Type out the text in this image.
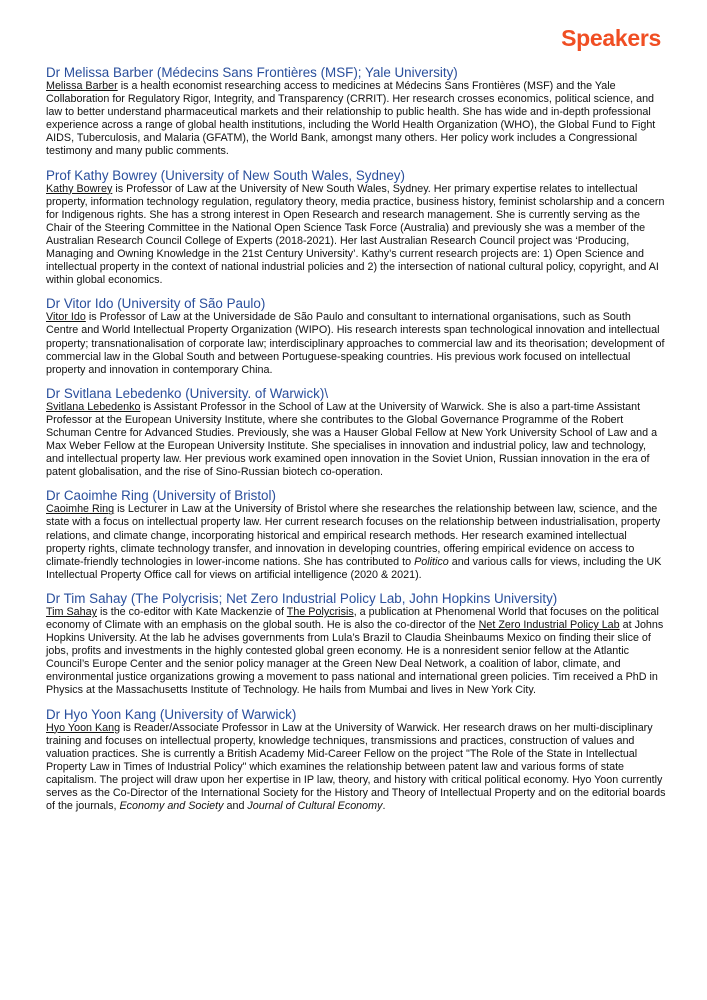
Speakers
Dr Melissa Barber (Médecins Sans Frontières (MSF); Yale University)

Melissa Barber is a health economist researching access to medicines at Médecins Sans Frontières (MSF) and the Yale Collaboration for Regulatory Rigor, Integrity, and Transparency (CRRIT). Her research crosses economics, political science, and law to better understand pharmaceutical markets and their relationship to public health. She has wide and in-depth professional experience across a range of global health institutions, including the World Health Organization (WHO), the Global Fund to Fight AIDS, Tuberculosis, and Malaria (GFATM), the World Bank, amongst many others. Her policy work includes a Congressional testimony and many public comments.

Prof Kathy Bowrey (University of New South Wales, Sydney)

Kathy Bowrey is Professor of Law at the University of New South Wales, Sydney. Her primary expertise relates to intellectual property, information technology regulation, regulatory theory, media practice, business history, feminist scholarship and a concern for Indigenous rights. She has a strong interest in Open Research and research management. She is currently serving as the Chair of the Steering Committee in the National Open Science Task Force (Australia) and previously she was a member of the Australian Research Council College of Experts (2018-2021). Her last Australian Research Council project was ‘Producing, Managing and Owning Knowledge in the 21st Century University’. Kathy’s current research projects are: 1) Open Science and intellectual property in the context of national industrial policies and 2) the intersection of national cultural policy, copyright, and AI within global economics.

Dr Vitor Ido (University of São Paulo)

Vitor Ido is Professor of Law at the Universidade de São Paulo and consultant to international organisations, such as South Centre and World Intellectual Property Organization (WIPO). His research interests span technological innovation and intellectual property; transnationalisation of corporate law; interdisciplinary approaches to commercial law and its theorisation; development of commercial law in the Global South and between Portuguese-speaking countries. His previous work focused on intellectual property and innovation in contemporary China.

Dr Svitlana Lebedenko (University. of Warwick)\

Svitlana Lebedenko is Assistant Professor in the School of Law at the University of Warwick. She is also a part-time Assistant Professor at the European University Institute, where she contributes to the Global Governance Programme of the Robert Schuman Centre for Advanced Studies. Previously, she was a Hauser Global Fellow at New York University School of Law and a Max Weber Fellow at the European University Institute. She specialises in innovation and industrial policy, law and technology, and intellectual property law. Her previous work examined open innovation in the Soviet Union, Russian innovation in the era of patent globalisation, and the rise of Sino-Russian biotech co-operation.

Dr Caoimhe Ring (University of Bristol)

Caoimhe Ring is Lecturer in Law at the University of Bristol where she researches the relationship between law, science, and the state with a focus on intellectual property law. Her current research focuses on the relationship between industrialisation, property relations, and climate change, incorporating historical and empirical research methods. Her research examined intellectual property rights, climate technology transfer, and innovation in developing countries, offering empirical evidence on access to climate-friendly technologies in lower-income nations. She has contributed to Politico and various calls for views, including the UK Intellectual Property Office call for views on artificial intelligence (2020 & 2021).

Dr Tim Sahay (The Polycrisis; Net Zero Industrial Policy Lab, John Hopkins University)

Tim Sahay is the co-editor with Kate Mackenzie of The Polycrisis, a publication at Phenomenal World that focuses on the political economy of Climate with an emphasis on the global south. He is also the co-director of the Net Zero Industrial Policy Lab at Johns Hopkins University. At the lab he advises governments from Lula’s Brazil to Claudia Sheinbaums Mexico on finding their slice of jobs, profits and investments in the highly contested global green economy. He is a nonresident senior fellow at the Atlantic Council’s Europe Center and the senior policy manager at the Green New Deal Network, a coalition of labor, climate, and environmental justice organizations growing a movement to pass national and international green policies. Tim received a PhD in Physics at the Massachusetts Institute of Technology. He hails from Mumbai and lives in New York City.

Dr Hyo Yoon Kang (University of Warwick)

Hyo Yoon Kang is Reader/Associate Professor in Law at the University of Warwick. Her research draws on her multi-disciplinary training and focuses on intellectual property, knowledge techniques, transmissions and practices, construction of values and valuation practices. She is currently a British Academy Mid-Career Fellow on the project "The Role of the State in Intellectual Property Law in Times of Industrial Policy" which examines the relationship between patent law and various forms of state capitalism. The project will draw upon her expertise in IP law, theory, and history with critical political economy. Hyo Yoon currently serves as the Co-Director of the International Society for the History and Theory of Intellectual Property and on the editorial boards of the journals, Economy and Society and Journal of Cultural Economy.
